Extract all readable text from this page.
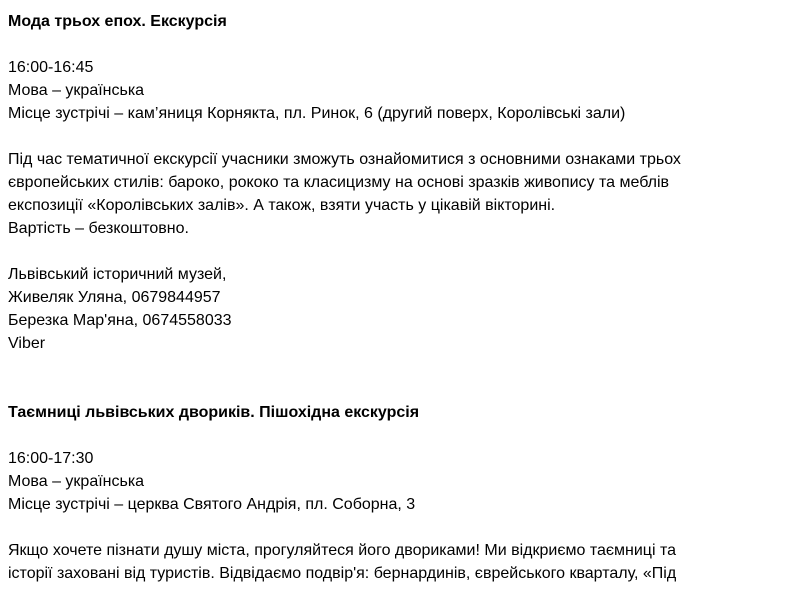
Мода трьох епох. Екскурсія
16:00-16:45
Мова – українська
Місце зустрічі – кам’яниця Корнякта, пл. Ринок, 6 (другий поверх, Королівські зали)
Під час тематичної екскурсії учасники зможуть ознайомитися з основними ознаками трьох
європейських стилів: бароко, рококо та класицизму на основі зразків живопису та меблів
експозиції «Королівських залів». А також, взяти участь у цікавій вікторині.
Вартість – безкоштовно.
Львівський історичний музей,
Живеляк Уляна, 0679844957
Березка Мар'яна, 0674558033
Viber
Таємниці львівських двориків. Пішохідна екскурсія
16:00-17:30
Мова – українська
Місце зустрічі – церква Святого Андрія, пл. Соборна, 3
Якщо хочете пізнати душу міста, прогуляйтеся його двориками! Ми відкриємо таємниці та
історії заховані від туристів. Відвідаємо подвір'я: бернардинів, єврейського кварталу, «Під
